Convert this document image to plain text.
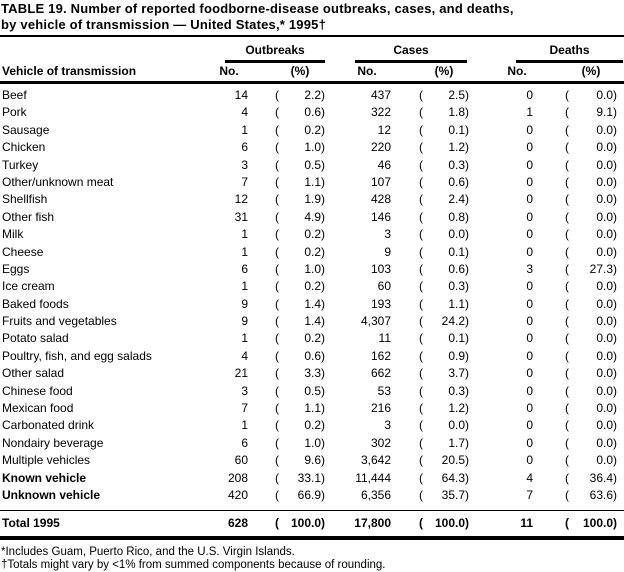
TABLE 19. Number of reported foodborne-disease outbreaks, cases, and deaths,
by vehicle of transmission — United States,* 1995†
Outbreaks	Cases	Deaths
Vehicle of transmission	No.	(%)	No.	(%)	No.	(%)
Beef	14 ( 2.2)	437 ( 2.5)	0	( 0.0)
Pork	4 ( 0.6)	322 ( 1.8)	1	( 9.1)
Sausage	1 ( 0.2)	12 ( 0.1)	0	( 0.0)
Chicken	6 ( 1.0)	220 ( 1.2)	0	( 0.0)
Turkey	3 ( 0.5)	46 ( 0.3)	0	( 0.0)
Other/unknown meat	7 ( 1.1)	107 ( 0.6)	0	( 0.0)
Shellfish	12 ( 1.9)	428 ( 2.4)	0	( 0.0)
Other fish	31 ( 4.9)	146 ( 0.8)	0	( 0.0)
Milk	1 ( 0.2)	3 ( 0.0)	0	( 0.0)
Cheese	1 ( 0.2)	9 ( 0.1)	0	( 0.0)
Eggs	6 ( 1.0)	103 ( 0.6)	3	( 27.3)
Ice cream	1 ( 0.2)	60 ( 0.3)	0	( 0.0)
Baked foods	9 ( 1.4)	193 ( 1.1)	0	( 0.0)
Fruits and vegetables	9 ( 1.4)	4,307 ( 24.2)	0	( 0.0)
Potato salad	1 ( 0.2)	11 ( 0.1)	0	( 0.0)
Poultry, fish, and egg salads	4 ( 0.6)	162 ( 0.9)	0	( 0.0)
Other salad	21 ( 3.3)	662 ( 3.7)	0	( 0.0)
Chinese food	3 ( 0.5)	53 ( 0.3)	0	( 0.0)
Mexican food	7 ( 1.1)	216 ( 1.2)	0	( 0.0)
Carbonated drink	1 ( 0.2)	3 ( 0.0)	0	( 0.0)
Nondairy beverage	6 ( 1.0)	302 ( 1.7)	0	( 0.0)
Multiple vehicles	60 ( 9.6)	3,642 ( 20.5)	0	( 0.0)
Known vehicle	208 ( 33.1)	11,444 ( 64.3)	4	( 36.4)
Unknown vehicle	420 ( 66.9)	6,356 ( 35.7)	7	( 63.6)
Total 1995	628 ( 100.0)	17,800 ( 100.0)	11	( 100.0)
*Includes Guam, Puerto Rico, and the U.S. Virgin Islands.
†Totals might vary by <1% from summed components because of rounding.
